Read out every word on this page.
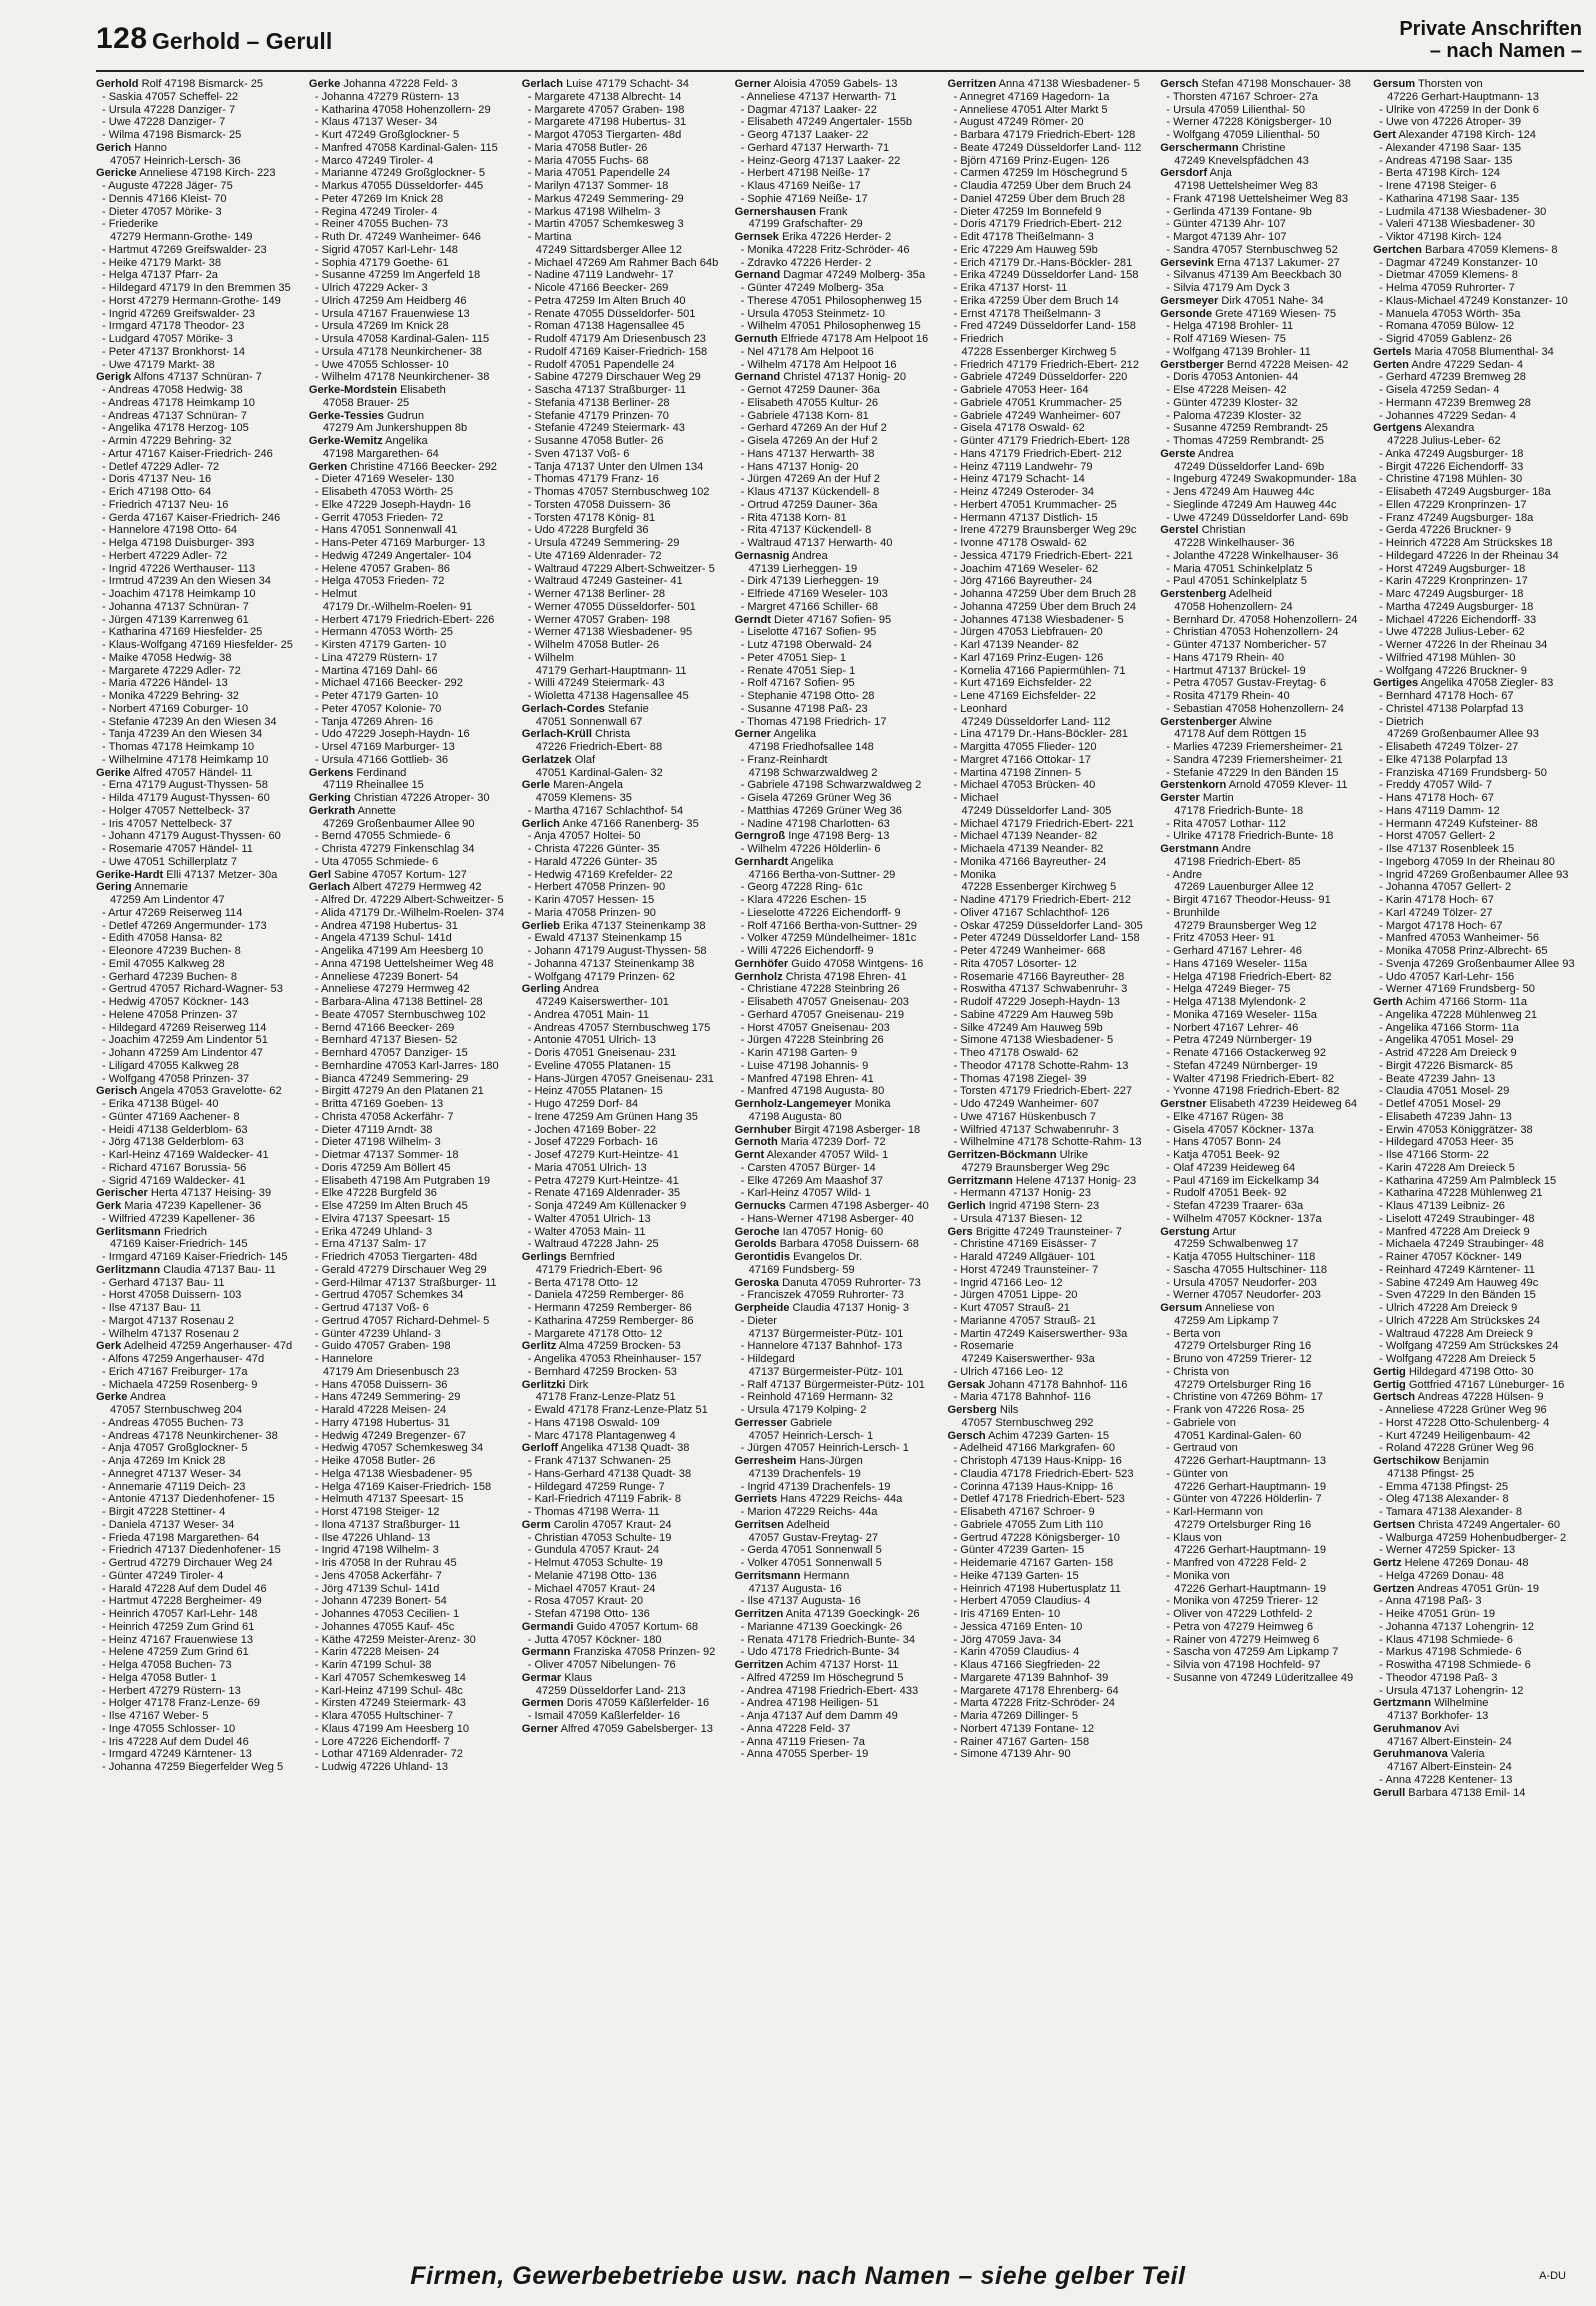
128 Gerhold – Gerull	Private Anschriften
– nach Namen –
Gerhold Rolf 47198 Bismarck- 25
- Saskia 47057 Scheffel- 22
- Ursula 47228 Danziger- 7
- Uwe 47228 Danziger- 7
- Wilma 47198 Bismarck- 25
Gerich Hanno
47057 Heinrich-Lersch- 36
Gericke Anneliese 47198 Kirch- 223
- Auguste 47228 Jäger- 75
- Dennis 47166 Kleist- 70
- Dieter 47057 Mörike- 3
- Friederike
47279 Hermann-Grothe- 149
- Hartmut 47269 Greifswalder- 23
- Heike 47179 Markt- 38
- Helga 47137 Pfarr- 2a
- Hildegard 47179 In den Bremmen 35
- Horst 47279 Hermann-Grothe- 149
- Ingrid 47269 Greifswalder- 23
- Irmgard 47178 Theodor- 23
- Ludgard 47057 Mörike- 3
- Peter 47137 Bronkhorst- 14
- Uwe 47179 Markt- 38
Gerigk Alfons 47137 Schnüran- 7
- Andreas 47058 Hedwig- 38
- Andreas 47178 Heimkamp 10
- Andreas 47137 Schnüran- 7
- Angelika 47178 Herzog- 105
- Armin 47229 Behring- 32
- Artur 47167 Kaiser-Friedrich- 246
- Detlef 47229 Adler- 72
- Doris 47137 Neu- 16
- Erich 47198 Otto- 64
- Friedrich 47137 Neu- 16
- Gerda 47167 Kaiser-Friedrich- 246
- Hannelore 47198 Otto- 64
- Helga 47198 Duisburger- 393
- Herbert 47229 Adler- 72
- Ingrid 47226 Werthauser- 113
- Irmtrud 47239 An den Wiesen 34
- Joachim 47178 Heimkamp 10
- Johanna 47137 Schnüran- 7
- Jürgen 47139 Karrenweg 61
- Katharina 47169 Hiesfelder- 25
- Klaus-Wolfgang 47169 Hiesfelder- 25
- Maike 47058 Hedwig- 38
- Margarete 47229 Adler- 72
- Maria 47226 Händel- 13
- Monika 47229 Behring- 32
- Norbert 47169 Coburger- 10
- Stefanie 47239 An den Wiesen 34
- Tanja 47239 An den Wiesen 34
- Thomas 47178 Heimkamp 10
- Wilhelmine 47178 Heimkamp 10
Gerike Alfred 47057 Händel- 11
- Erna 47179 August-Thyssen- 58
- Hilda 47179 August-Thyssen- 60
- Holger 47057 Nettelbeck- 37
- Iris 47057 Nettelbeck- 37
- Johann 47179 August-Thyssen- 60
- Rosemarie 47057 Händel- 11
- Uwe 47051 Schillerplatz 7
Gerike-Hardt Elli 47137 Metzer- 30a
Gering Annemarie
47259 Am Lindentor 47
- Artur 47269 Reiserweg 114
- Detlef 47269 Angermunder- 173
- Edith 47058 Hansa- 82
- Eleonore 47239 Buchen- 8
- Emil 47055 Kalkweg 28
- Gerhard 47239 Buchen- 8
- Gertrud 47057 Richard-Wagner- 53
- Hedwig 47057 Köckner- 143
- Helene 47058 Prinzen- 37
- Hildegard 47269 Reiserweg 114
- Joachim 47259 Am Lindentor 51
- Johann 47259 Am Lindentor 47
- Liligard 47055 Kalkweg 28
- Wolfgang 47058 Prinzen- 37
Gerisch Angela 47053 Gravelotte- 62
- Erika 47138 Bügel- 40
- Günter 47169 Aachener- 8
- Heidi 47138 Gelderblom- 63
- Jörg 47138 Gelderblom- 63
- Karl-Heinz 47169 Waldecker- 41
- Richard 47167 Borussia- 56
- Sigrid 47169 Waldecker- 41
Gerischer Herta 47137 Heising- 39
Gerk Maria 47239 Kapellener- 36
- Wilfried 47239 Kapellener- 36
Gerlitsmann Friedrich
47169 Kaiser-Friedrich- 145
- Irmgard 47169 Kaiser-Friedrich- 145
Gerlitzmann Claudia 47137 Bau- 11
- Gerhard 47137 Bau- 11
- Horst 47058 Duissern- 103
- Ilse 47137 Bau- 11
- Margot 47137 Rosenau 2
- Wilhelm 47137 Rosenau 2
Gerk Adelheid 47259 Angerhauser- 47d
- Alfons 47259 Angerhauser- 47d
- Erich 47167 Freiburger- 17a
- Michaela 47259 Rosenberg- 9
Gerke Andrea
47057 Sternbuschweg 204
- Andreas 47055 Buchen- 73
- Andreas 47178 Neunkirchener- 38
- Anja 47057 Großglockner- 5
- Anja 47269 Im Knick 28
- Annegret 47137 Weser- 34
- Annemarie 47119 Deich- 23
- Antonie 47137 Diedenhofener- 15
- Birgit 47228 Stettiner- 4
- Daniela 47137 Weser- 34
- Frieda 47198 Margarethen- 64
- Friedrich 47137 Diedenhofener- 15
- Gertrud 47279 Dirchauer Weg 24
- Günter 47249 Tiroler- 4
- Harald 47228 Auf dem Dudel 46
- Hartmut 47228 Bergheimer- 49
- Heinrich 47057 Karl-Lehr- 148
- Heinrich 47259 Zum Grind 61
- Heinz 47167 Frauenwiese 13
- Helene 47259 Zum Grind 61
- Helga 47058 Buchen- 73
- Helga 47058 Butler- 1
- Herbert 47279 Rüstern- 13
- Holger 47178 Franz-Lenze- 69
- Ilse 47167 Weber- 5
- Inge 47055 Schlosser- 10
- Iris 47228 Auf dem Dudel 46
- Irmgard 47249 Kärntener- 13
- Johanna 47259 Biegerfelder Weg 5
Gerke Johanna 47228 Feld- 3
- Johanna 47279 Rüstern- 13
- Katharina 47058 Hohenzollern- 29
- Klaus 47137 Weser- 34
- Kurt 47249 Großglockner- 5
- Manfred 47058 Kardinal-Galen- 115
- Marco 47249 Tiroler- 4
- Marianne 47249 Großglockner- 5
- Markus 47055 Düsseldorfer- 445
- Peter 47269 Im Knick 28
- Regina 47249 Tiroler- 4
- Reiner 47055 Buchen- 73
- Ruth Dr. 47249 Wanheimer- 646
- Sigrid 47057 Karl-Lehr- 148
- Sophia 47179 Goethe- 61
- Susanne 47259 Im Angerfeld 18
- Ulrich 47229 Acker- 3
- Ulrich 47259 Am Heidberg 46
- Ursula 47167 Frauenwiese 13
- Ursula 47269 Im Knick 28
- Ursula 47058 Kardinal-Galen- 115
- Ursula 47178 Neunkirchener- 38
- Uwe 47055 Schlosser- 10
- Wilhelm 47178 Neunkirchener- 38
Gerke-Mordstein Elisabeth
47058 Brauer- 25
Gerke-Tessies Gudrun
47279 Am Junkershuppen 8b
Gerke-Wemitz Angelika
47198 Margarethen- 64
Gerken Christine 47166 Beecker- 292
- Dieter 47169 Weseler- 130
- Elisabeth 47053 Wörth- 25
- Elke 47229 Joseph-Haydn- 16
- Gerrit 47053 Frieden- 72
- Hans 47051 Sonnenwall 41
- Hans-Peter 47169 Marburger- 13
- Hedwig 47249 Angertaler- 104
- Helene 47057 Graben- 86
- Helga 47053 Frieden- 72
- Helmut
47179 Dr.-Wilhelm-Roelen- 91
- Herbert 47179 Friedrich-Ebert- 226
- Hermann 47053 Wörth- 25
- Kirsten 47179 Garten- 10
- Lina 47279 Rüstern- 17
- Martina 47169 Dahl- 66
- Michael 47166 Beecker- 292
- Peter 47179 Garten- 10
- Peter 47057 Kolonie- 70
- Tanja 47269 Ahren- 16
- Udo 47229 Joseph-Haydn- 16
- Ursel 47169 Marburger- 13
- Ursula 47166 Gottlieb- 36
Gerkens Ferdinand
47119 Rheinallee 15
Gerking Christian 47226 Atroper- 30
Gerkrath Annette
47269 Großenbaumer Allee 90
- Bernd 47055 Schmiede- 6
- Christa 47279 Finkenschlag 34
- Uta 47055 Schmiede- 6
Gerl Sabine 47057 Kortum- 127
Gerlach Albert 47279 Hermweg 42
- Alfred Dr. 47229 Albert-Schweitzer- 5
- Alida 47179 Dr.-Wilhelm-Roelen- 374
- Andrea 47198 Hubertus- 31
- Angela 47139 Schul- 141d
- Angelika 47199 Am Heesberg 10
- Anna 47198 Uettelsheimer Weg 48
- Anneliese 47239 Bonert- 54
- Anneliese 47279 Hermweg 42
- Barbara-Alina 47138 Bettinel- 28
- Beate 47057 Sternbuschweg 102
- Bernd 47166 Beecker- 269
- Bernhard 47137 Biesen- 52
- Bernhard 47057 Danziger- 15
- Bernhardine 47053 Karl-Jarres- 180
- Bianca 47249 Semmering- 29
- Birgitt 47279 An den Platanen 21
- Britta 47169 Goeben- 13
- Christa 47058 Ackerfähr- 7
- Dieter 47119 Arndt- 38
- Dieter 47198 Wilhelm- 3
- Dietmar 47137 Sommer- 18
- Doris 47259 Am Böllert 45
- Elisabeth 47198 Am Putgraben 19
- Elke 47228 Burgfeld 36
- Else 47259 Im Alten Bruch 45
- Elvira 47137 Speesart- 15
- Erika 47249 Uhland- 3
- Erna 47137 Salm- 17
- Friedrich 47053 Tiergarten- 48d
- Gerald 47279 Dirschauer Weg 29
- Gerd-Hilmar 47137 Straßburger- 11
- Gertrud 47057 Schemkes 34
- Gertrud 47137 Voß- 6
- Gertrud 47057 Richard-Dehmel- 5
- Günter 47239 Uhland- 3
- Guido 47057 Graben- 198
- Hannelore
47179 Am Driesenbusch 23
- Hans 47058 Duissern- 36
- Hans 47249 Semmering- 29
- Harald 47228 Meisen- 24
- Harry 47198 Hubertus- 31
- Hedwig 47249 Bregenzer- 67
- Hedwig 47057 Schemkesweg 34
- Heike 47058 Butler- 26
- Helga 47138 Wiesbadener- 95
- Helga 47169 Kaiser-Friedrich- 158
- Helmuth 47137 Speesart- 15
- Horst 47198 Steiger- 12
- Ilona 47137 Straßburger- 11
- Ilse 47226 Uhland- 13
- Ingrid 47198 Wilhelm- 3
- Iris 47058 In der Ruhrau 45
- Jens 47058 Ackerfähr- 7
- Jörg 47139 Schul- 141d
- Johann 47239 Bonert- 54
- Johannes 47053 Cecilien- 1
- Johannes 47055 Kauf- 45c
- Käthe 47259 Meister-Arenz- 30
- Karin 47228 Meisen- 24
- Karin 47199 Schul- 38
- Karl 47057 Schemkesweg 14
- Karl-Heinz 47199 Schul- 48c
- Kirsten 47249 Steiermark- 43
- Klara 47055 Hultschiner- 7
- Klaus 47199 Am Heesberg 10
- Lore 47226 Eichendorff- 7
- Lothar 47169 Aldenrader- 72
- Ludwig 47226 Uhland- 13
Gerlach Luise 47179 Schacht- 34
- Margarete 47138 Albrecht- 14
- Margarete 47057 Graben- 198
- Margarete 47198 Hubertus- 31
- Margot 47053 Tiergarten- 48d
- Maria 47058 Butler- 26
- Maria 47055 Fuchs- 68
- Maria 47051 Papendelle 24
- Marilyn 47137 Sommer- 18
- Markus 47249 Semmering- 29
- Markus 47198 Wilhelm- 3
- Martin 47057 Schemkesweg 3
- Martina
47249 Sittardsberger Allee 12
- Michael 47269 Am Rahmer Bach 64b
- Nadine 47119 Landwehr- 17
- Nicole 47166 Beecker- 269
- Petra 47259 Im Alten Bruch 40
- Renate 47055 Düsseldorfer- 501
- Roman 47138 Hagensallee 45
- Rudolf 47179 Am Driesenbusch 23
- Rudolf 47169 Kaiser-Friedrich- 158
- Rudolf 47051 Papendelle 24
- Sabine 47279 Dirschauer Weg 29
- Sascha 47137 Straßburger- 11
- Stefania 47138 Berliner- 28
- Stefanie 47179 Prinzen- 70
- Stefanie 47249 Steiermark- 43
- Susanne 47058 Butler- 26
- Sven 47137 Voß- 6
- Tanja 47137 Unter den Ulmen 134
- Thomas 47179 Franz- 16
- Thomas 47057 Sternbuschweg 102
- Torsten 47058 Duissern- 36
- Torsten 47178 König- 81
- Udo 47228 Burgfeld 36
- Ursula 47249 Semmering- 29
- Ute 47169 Aldenrader- 72
- Waltraud 47229 Albert-Schweitzer- 5
- Waltraud 47249 Gasteiner- 41
- Werner 47138 Berliner- 28
- Werner 47055 Düsseldorfer- 501
- Werner 47057 Graben- 198
- Werner 47138 Wiesbadener- 95
- Wilhelm 47058 Butler- 26
- Wilhelm
47179 Gerhart-Hauptmann- 11
- Willi 47249 Steiermark- 43
- Wioletta 47138 Hagensallee 45
Gerlach-Cordes Stefanie
47051 Sonnenwall 67
Gerlach-Krüll Christa
47226 Friedrich-Ebert- 88
Gerlatzek Olaf
47051 Kardinal-Galen- 32
Gerle Maren-Angela
47059 Klemens- 35
- Martha 47167 Schlachthof- 54
Gerlich Anke 47166 Ranenberg- 35
- Anja 47057 Holtei- 50
- Christa 47226 Günter- 35
- Harald 47226 Günter- 35
- Hedwig 47169 Krefelder- 22
- Herbert 47058 Prinzen- 90
- Karin 47057 Hessen- 15
- Maria 47058 Prinzen- 90
Gerlieb Erika 47137 Steinenkamp 38
- Ewald 47137 Steinenkamp 15
- Johann 47179 August-Thyssen- 58
- Johanna 47137 Steinenkamp 38
- Wolfgang 47179 Prinzen- 62
Gerling Andrea
47249 Kaiserswerther- 101
- Andrea 47051 Main- 11
- Andreas 47057 Sternbuschweg 175
- Antonie 47051 Ulrich- 13
- Doris 47051 Gneisenau- 231
- Eveline 47055 Platanen- 15
- Hans-Jürgen 47057 Gneisenau- 231
- Heinz 47055 Platanen- 15
- Hugo 47259 Dorf- 84
- Irene 47259 Am Grünen Hang 35
- Jochen 47169 Bober- 22
- Josef 47229 Forbach- 16
- Josef 47279 Kurt-Heintze- 41
- Maria 47051 Ulrich- 13
- Petra 47279 Kurt-Heintze- 41
- Renate 47169 Aldenrader- 35
- Sonja 47249 Am Küllenacker 9
- Walter 47051 Ulrich- 13
- Walter 47053 Main- 11
- Waltraud 47228 Jahn- 25
Gerlings Bernfried
47179 Friedrich-Ebert- 96
- Berta 47178 Otto- 12
- Daniela 47259 Remberger- 86
- Hermann 47259 Remberger- 86
- Katharina 47259 Remberger- 86
- Margarete 47178 Otto- 12
Gerlitz Alma 47259 Brocken- 53
- Angelika 47053 Rheinhauser- 157
- Bernhard 47259 Brocken- 53
Gerlitzki Dirk
47178 Franz-Lenze-Platz 51
- Ewald 47178 Franz-Lenze-Platz 51
- Hans 47198 Oswald- 109
- Marc 47178 Plantagenweg 4
Gerloff Angelika 47138 Quadt- 38
- Frank 47137 Schwanen- 25
- Hans-Gerhard 47138 Quadt- 38
- Hildegard 47259 Runge- 7
- Karl-Friedrich 47119 Fabrik- 8
- Thomas 47198 Werra- 11
Germ Carolin 47057 Kraut- 24
- Christian 47053 Schulte- 19
- Gundula 47057 Kraut- 24
- Helmut 47053 Schulte- 19
- Melanie 47198 Otto- 136
- Michael 47057 Kraut- 24
- Rosa 47057 Kraut- 20
- Stefan 47198 Otto- 136
Germandi Guido 47057 Kortum- 68
- Jutta 47057 Köckner- 180
Germann Franziska 47058 Prinzen- 92
- Oliver 47057 Nibelungen- 76
Germar Klaus
47259 Düsseldorfer Land- 213
Germen Doris 47059 Käßlerfelder- 16
- Ismail 47059 Kaßlerfelder- 16
Gerner Alfred 47059 Gabelsberger- 13
Gerner Aloisia 47059 Gabels- 13
- Anneliese 47137 Herwarth- 71
- Dagmar 47137 Laaker- 22
- Elisabeth 47249 Angertaler- 155b
- Georg 47137 Laaker- 22
- Gerhard 47137 Herwarth- 71
- Heinz-Georg 47137 Laaker- 22
- Herbert 47198 Neiße- 17
- Klaus 47169 Neiße- 17
- Sophie 47169 Neiße- 17
Gernershausen Frank
47199 Grafschafter- 29
Gernsek Erika 47226 Herder- 2
- Monika 47228 Fritz-Schröder- 46
- Zdravko 47226 Herder- 2
Gernand Dagmar 47249 Molberg- 35a
- Günter 47249 Molberg- 35a
- Therese 47051 Philosophenweg 15
- Ursula 47053 Steinmetz- 10
- Wilhelm 47051 Philosophenweg 15
Gernuth Elfriede 47178 Am Helpoot 16
- Nel 47178 Am Helpoot 16
- Wilhelm 47178 Am Helpoot 16
Gernand Christel 47137 Honig- 20
- Gernot 47259 Dauner- 36a
- Elisabeth 47055 Kultur- 26
- Gabriele 47138 Korn- 81
- Gerhard 47269 An der Huf 2
- Gisela 47269 An der Huf 2
- Hans 47137 Herwarth- 38
- Hans 47137 Honig- 20
- Jürgen 47269 An der Huf 2
- Klaus 47137 Kückendell- 8
- Ortrud 47259 Dauner- 36a
- Rita 47138 Korn- 81
- Rita 47137 Kückendell- 8
- Waltraud 47137 Herwarth- 40
Gernasnig Andrea
47139 Lierheggen- 19
- Dirk 47139 Lierheggen- 19
- Elfriede 47169 Weseler- 103
- Margret 47166 Schiller- 68
Gerndt Dieter 47167 Sofien- 95
- Liselotte 47167 Sofien- 95
- Lutz 47198 Oberwald- 24
- Peter 47051 Siep- 1
- Renate 47051 Siep- 1
- Rolf 47167 Sofien- 95
- Stephanie 47198 Otto- 28
- Susanne 47198 Paß- 23
- Thomas 47198 Friedrich- 17
Gerner Angelika
47198 Friedhofsallee 148
- Franz-Reinhardt
47198 Schwarzwaldweg 2
- Gabriele 47198 Schwarzwaldweg 2
- Gisela 47269 Grüner Weg 36
- Matthias 47269 Grüner Weg 36
- Nadine 47198 Charlotten- 63
Gerngroß Inge 47198 Berg- 13
- Wilhelm 47226 Hölderlin- 6
Gernhardt Angelika
47166 Bertha-von-Suttner- 29
- Georg 47228 Ring- 61c
- Klara 47226 Eschen- 15
- Lieselotte 47226 Eichendorff- 9
- Rolf 47166 Bertha-von-Suttner- 29
- Volker 47259 Mündelheimer- 181c
- Willi 47226 Eichendorff- 9
Gernhöfer Guido 47058 Wintgens- 16
Gernholz Christa 47198 Ehren- 41
- Christiane 47228 Steinbring 26
- Elisabeth 47057 Gneisenau- 203
- Gerhard 47057 Gneisenau- 219
- Horst 47057 Gneisenau- 203
- Jürgen 47228 Steinbring 26
- Karin 47198 Garten- 9
- Luise 47198 Johannis- 9
- Manfred 47198 Ehren- 41
- Manfred 47198 Augusta- 80
Gernholz-Langemeyer Monika
47198 Augusta- 80
Gernhuber Birgit 47198 Asberger- 18
Gernoth Maria 47239 Dorf- 72
Gernt Alexander 47057 Wild- 1
- Carsten 47057 Bürger- 14
- Elke 47269 Am Maashof 37
- Karl-Heinz 47057 Wild- 1
Gernucks Carmen 47198 Asberger- 40
- Hans-Werner 47198 Asberger- 40
Geroche Ian 47057 Honig- 60
Gerolds Barbara 47058 Duissern- 68
Gerontidis Evangelos Dr.
47169 Fundsberg- 59
Geroska Danuta 47059 Ruhrorter- 73
- Franciszek 47059 Ruhrorter- 73
Gerpheide Claudia 47137 Honig- 3
- Dieter
47137 Bürgermeister-Pütz- 101
- Hannelore 47137 Bahnhof- 173
- Hildegard
47137 Bürgermeister-Pütz- 101
- Ralf 47137 Bürgermeister-Pütz- 101
- Reinhold 47169 Hermann- 32
- Ursula 47179 Kolping- 2
Gerresser Gabriele
47057 Heinrich-Lersch- 1
- Jürgen 47057 Heinrich-Lersch- 1
Gerresheim Hans-Jürgen
47139 Drachenfels- 19
- Ingrid 47139 Drachenfels- 19
Gerriets Hans 47229 Reichs- 44a
- Marion 47229 Reichs- 44a
Gerritsen Adelheid
47057 Gustav-Freytag- 27
- Gerda 47051 Sonnenwall 5
- Volker 47051 Sonnenwall 5
Gerritsmann Hermann
47137 Augusta- 16
- Ilse 47137 Augusta- 16
Gerritzen Anita 47139 Goeckingk- 26
- Marianne 47139 Goeckingk- 26
- Renata 47178 Friedrich-Bunte- 34
- Udo 47178 Friedrich-Bunte- 34
Gerritzen Achim 47137 Horst- 11
- Alfred 47259 Im Höschegrund 5
- Andrea 47198 Friedrich-Ebert- 433
- Andrea 47198 Heiligen- 51
- Anja 47137 Auf dem Damm 49
- Anna 47228 Feld- 37
- Anna 47119 Friesen- 7a
- Anna 47055 Sperber- 19
Gerritzen Anna 47138 Wiesbadener- 5
- Annegret 47169 Hagedorn- 1a
- Anneliese 47051 Alter Markt 5
- August 47249 Römer- 20
- Barbara 47179 Friedrich-Ebert- 128
- Beate 47249 Düsseldorfer Land- 112
- Björn 47169 Prinz-Eugen- 126
- Carmen 47259 Im Höschegrund 5
- Claudia 47259 Über dem Bruch 24
- Daniel 47259 Über dem Bruch 28
- Dieter 47259 Im Bonnefeld 9
- Doris 47179 Friedrich-Ebert- 212
- Edit 47178 Theißelmann- 3
- Eric 47229 Am Hauweg 59b
- Erich 47179 Dr.-Hans-Böckler- 281
- Erika 47249 Düsseldorfer Land- 158
- Erika 47137 Horst- 11
- Erika 47259 Über dem Bruch 14
- Ernst 47178 Theißelmann- 3
- Fred 47249 Düsseldorfer Land- 158
- Friedrich
47228 Essenberger Kirchweg 5
- Friedrich 47179 Friedrich-Ebert- 212
- Gabriele 47249 Düsseldorfer- 220
- Gabriele 47053 Heer- 164
- Gabriele 47051 Krummacher- 25
- Gabriele 47249 Wanheimer- 607
- Gisela 47178 Oswald- 62
- Günter 47179 Friedrich-Ebert- 128
- Hans 47179 Friedrich-Ebert- 212
- Heinz 47119 Landwehr- 79
- Heinz 47179 Schacht- 14
- Heinz 47249 Osteroder- 34
- Herbert 47051 Krummacher- 25
- Hermann 47137 Distlich- 15
- Irene 47279 Braunsberger Weg 29c
- Ivonne 47178 Oswald- 62
- Jessica 47179 Friedrich-Ebert- 221
- Joachim 47169 Weseler- 62
- Jörg 47166 Bayreuther- 24
- Johanna 47259 Über dem Bruch 28
- Johanna 47259 Über dem Bruch 24
- Johannes 47138 Wiesbadener- 5
- Jürgen 47053 Liebfrauen- 20
- Karl 47139 Neander- 82
- Karl 47169 Prinz-Eugen- 126
- Kornelia 47166 Papiermühlen- 71
- Kurt 47169 Eichsfelder- 22
- Lene 47169 Eichsfelder- 22
- Leonhard
47249 Düsseldorfer Land- 112
- Lina 47179 Dr.-Hans-Böckler- 281
- Margitta 47055 Flieder- 120
- Margret 47166 Ottokar- 17
- Martina 47198 Zinnen- 5
- Michael 47053 Brücken- 40
- Michael
47249 Düsseldorfer Land- 305
- Michael 47179 Friedrich-Ebert- 221
- Michael 47139 Neander- 82
- Michaela 47139 Neander- 82
- Monika 47166 Bayreuther- 24
- Monika
47228 Essenberger Kirchweg 5
- Nadine 47179 Friedrich-Ebert- 212
- Oliver 47167 Schlachthof- 126
- Oskar 47259 Düsseldorfer Land- 305
- Peter 47249 Düsseldorfer Land- 158
- Peter 47249 Wanheimer- 668
- Rita 47057 Lösorter- 12
- Rosemarie 47166 Bayreuther- 28
- Roswitha 47137 Schwabenruhr- 3
- Rudolf 47229 Joseph-Haydn- 13
- Sabine 47229 Am Hauweg 59b
- Silke 47249 Am Hauweg 59b
- Simone 47138 Wiesbadener- 5
- Theo 47178 Oswald- 62
- Theodor 47178 Schotte-Rahm- 13
- Thomas 47198 Ziegel- 39
- Torsten 47179 Friedrich-Ebert- 227
- Udo 47249 Wanheimer- 607
- Uwe 47167 Hüskenbusch 7
- Wilfried 47137 Schwabenruhr- 3
- Wilhelmine 47178 Schotte-Rahm- 13
Gerritzen-Böckmann Ulrike
47279 Braunsberger Weg 29c
Gerritzmann Helene 47137 Honig- 23
- Hermann 47137 Honig- 23
Gerlich Ingrid 47198 Stern- 23
- Ursula 47137 Biesen- 12
Gers Brigitte 47249 Traunsteiner- 7
- Christine 47169 Eisässer- 7
- Harald 47249 Allgäuer- 101
- Horst 47249 Traunsteiner- 7
- Ingrid 47166 Leo- 12
- Jürgen 47051 Lippe- 20
- Kurt 47057 Strauß- 21
- Marianne 47057 Strauß- 21
- Martin 47249 Kaiserswerther- 93a
- Rosemarie
47249 Kaiserswerther- 93a
- Ulrich 47166 Leo- 12
Gersak Johann 47178 Bahnhof- 116
- Maria 47178 Bahnhof- 116
Gersberg Nils
47057 Sternbuschweg 292
Gersch Achim 47239 Garten- 15
- Adelheid 47166 Markgrafen- 60
- Christoph 47139 Haus-Knipp- 16
- Claudia 47178 Friedrich-Ebert- 523
- Corinna 47139 Haus-Knipp- 16
- Detlef 47178 Friedrich-Ebert- 523
- Elisabeth 47167 Schroer- 9
- Gabriele 47055 Zum Lith 110
- Gertrud 47228 Königsberger- 10
- Günter 47239 Garten- 15
- Heidemarie 47167 Garten- 158
- Heike 47139 Garten- 15
- Heinrich 47198 Hubertusplatz 11
- Herbert 47059 Claudius- 4
- Iris 47169 Enten- 10
- Jessica 47169 Enten- 10
- Jörg 47059 Java- 34
- Karin 47059 Claudius- 4
- Klaus 47166 Siegfrieden- 22
- Margarete 47139 Bahnhof- 39
- Margarete 47178 Ehrenberg- 64
- Marta 47228 Fritz-Schröder- 24
- Maria 47269 Dillinger- 5
- Norbert 47139 Fontane- 12
- Rainer 47167 Garten- 158
- Simone 47139 Ahr- 90
Gersch Stefan 47198 Monschauer- 38
- Thorsten 47167 Schroer- 27a
- Ursula 47059 Lilienthal- 50
- Werner 47228 Königsberger- 10
- Wolfgang 47059 Lilienthal- 50
Gerschermann Christine
47249 Knevelspfädchen 43
Gersdorf Anja
47198 Uettelsheimer Weg 83
- Frank 47198 Uettelsheimer Weg 83
- Gerlinda 47139 Fontane- 9b
- Günter 47139 Ahr- 107
- Margot 47139 Ahr- 107
- Sandra 47057 Sternbuschweg 52
Gersevink Erna 47137 Lakumer- 27
- Silvanus 47139 Am Beeckbach 30
- Silvia 47179 Am Dyck 3
Gersmeyer Dirk 47051 Nahe- 34
Gersonde Grete 47169 Wiesen- 75
- Helga 47198 Brohler- 11
- Rolf 47169 Wiesen- 75
- Wolfgang 47139 Brohler- 11
Gerstberger Bernd 47228 Meisen- 42
- Doris 47053 Antonien- 44
- Else 47228 Meisen- 42
- Günter 47239 Kloster- 32
- Paloma 47239 Kloster- 32
- Susanne 47259 Rembrandt- 25
- Thomas 47259 Rembrandt- 25
Gerste Andrea
47249 Düsseldorfer Land- 69b
- Ingeburg 47249 Swakopmunder- 18a
- Jens 47249 Am Hauweg 44c
- Sieglinde 47249 Am Hauweg 44c
- Uwe 47249 Düsseldorfer Land- 69b
Gerstel Christian
47228 Winkelhauser- 36
- Jolanthe 47228 Winkelhauser- 36
- Maria 47051 Schinkelplatz 5
- Paul 47051 Schinkelplatz 5
Gerstenberg Adelheid
47058 Hohenzollern- 24
- Bernhard Dr. 47058 Hohenzollern- 24
- Christian 47053 Hohenzollern- 24
- Günter 47137 Nombericher- 57
- Hans 47179 Rhein- 40
- Hartmut 47137 Brückel- 19
- Petra 47057 Gustav-Freytag- 6
- Rosita 47179 Rhein- 40
- Sebastian 47058 Hohenzollern- 24
Gerstenberger Alwine
47178 Auf dem Röttgen 15
- Marlies 47239 Friemersheimer- 21
- Sandra 47239 Friemersheimer- 21
- Stefanie 47229 In den Bänden 15
Gerstenkorn Arnold 47059 Klever- 11
Gerster Martin
47178 Friedrich-Bunte- 18
- Rita 47057 Lothar- 112
- Ulrike 47178 Friedrich-Bunte- 18
Gerstmann Andre
47198 Friedrich-Ebert- 85
- Andre
47269 Lauenburger Allee 12
- Birgit 47167 Theodor-Heuss- 91
- Brunhilde
47279 Braunsberger Weg 12
- Fritz 47053 Heer- 91
- Gerhard 47167 Lehrer- 46
- Hans 47169 Weseler- 115a
- Helga 47198 Friedrich-Ebert- 82
- Helga 47249 Bieger- 75
- Helga 47138 Mylendonk- 2
- Monika 47169 Weseler- 115a
- Norbert 47167 Lehrer- 46
- Petra 47249 Nürnberger- 19
- Renate 47166 Ostackerweg 92
- Stefan 47249 Nürnberger- 19
- Walter 47198 Friedrich-Ebert- 82
- Yvonne 47198 Friedrich-Ebert- 82
Gerstner Elisabeth 47239 Heideweg 64
- Elke 47167 Rügen- 38
- Gisela 47057 Köckner- 137a
- Hans 47057 Bonn- 24
- Katja 47051 Beek- 92
- Olaf 47239 Heideweg 64
- Paul 47169 im Eickelkamp 34
- Rudolf 47051 Beek- 92
- Stefan 47239 Traarer- 63a
- Wilhelm 47057 Köckner- 137a
Gerstung Artur
47259 Schwalbenweg 17
- Katja 47055 Hultschiner- 118
- Sascha 47055 Hultschiner- 118
- Ursula 47057 Neudorfer- 203
- Werner 47057 Neudorfer- 203
Gersum Anneliese von
47259 Am Lipkamp 7
- Berta von
47279 Ortelsburger Ring 16
- Bruno von 47259 Trierer- 12
- Christa von
47279 Ortelsburger Ring 16
- Christine von 47269 Böhm- 17
- Frank von 47226 Rosa- 25
- Gabriele von
47051 Kardinal-Galen- 60
- Gertraud von
47226 Gerhart-Hauptmann- 13
- Günter von
47226 Gerhart-Hauptmann- 19
- Günter von 47226 Hölderlin- 7
- Karl-Hermann von
47279 Ortelsburger Ring 16
- Klaus von
47226 Gerhart-Hauptmann- 19
- Manfred von 47228 Feld- 2
- Monika von
47226 Gerhart-Hauptmann- 19
- Monika von 47259 Trierer- 12
- Oliver von 47229 Lothfeld- 2
- Petra von 47279 Heimweg 6
- Rainer von 47279 Heimweg 6
- Sascha von 47259 Am Lipkamp 7
- Silvia von 47198 Hochfeld- 97
- Susanne von 47249 Lüderitzallee 49
Gersum Thorsten von
47226 Gerhart-Hauptmann- 13
- Ulrike von 47259 In der Donk 6
- Uwe von 47226 Atroper- 39
Gert Alexander 47198 Kirch- 124
- Alexander 47198 Saar- 135
- Andreas 47198 Saar- 135
- Berta 47198 Kirch- 124
- Irene 47198 Steiger- 6
- Katharina 47198 Saar- 135
- Ludmila 47138 Wiesbadener- 30
- Valeri 47138 Wiesbadener- 30
- Viktor 47198 Kirch- 124
Gertchen Barbara 47059 Klemens- 8
- Dagmar 47249 Konstanzer- 10
- Dietmar 47059 Klemens- 8
- Helma 47059 Ruhrorter- 7
- Klaus-Michael 47249 Konstanzer- 10
- Manuela 47053 Wörth- 35a
- Romana 47059 Bülow- 12
- Sigrid 47059 Gablenz- 26
Gertels Maria 47058 Blumenthal- 34
Gerten Andre 47229 Sedan- 4
- Gerhard 47239 Bremweg 28
- Gisela 47259 Sedan- 4
- Hermann 47239 Bremweg 28
- Johannes 47229 Sedan- 4
Gertgens Alexandra
47228 Julius-Leber- 62
- Anka 47249 Augsburger- 18
- Birgit 47226 Eichendorff- 33
- Christine 47198 Mühlen- 30
- Elisabeth 47249 Augsburger- 18a
- Ellen 47229 Kronprinzen- 17
- Franz 47249 Augsburger- 18a
- Gerda 47226 Bruckner- 9
- Heinrich 47228 Am Strückskes 18
- Hildegard 47226 In der Rheinau 34
- Horst 47249 Augsburger- 18
- Karin 47229 Kronprinzen- 17
- Marc 47249 Augsburger- 18
- Martha 47249 Augsburger- 18
- Michael 47226 Eichendorff- 33
- Uwe 47228 Julius-Leber- 62
- Werner 47226 In der Rheinau 34
- Wilfried 47198 Mühlen- 30
- Wolfgang 47226 Bruckner- 9
Gertiges Angelika 47058 Ziegler- 83
- Bernhard 47178 Hoch- 67
- Christel 47138 Polarpfad 13
- Dietrich
47269 Großenbaumer Allee 93
- Elisabeth 47249 Tölzer- 27
- Elke 47138 Polarpfad 13
- Franziska 47169 Frundsberg- 50
- Freddy 47057 Wild- 7
- Hans 47178 Hoch- 67
- Hans 47119 Damm- 12
- Hermann 47249 Kufsteiner- 88
- Horst 47057 Gellert- 2
- Ilse 47137 Rosenbleek 15
- Ingeborg 47059 In der Rheinau 80
- Ingrid 47269 Großenbaumer Allee 93
- Johanna 47057 Gellert- 2
- Karin 47178 Hoch- 67
- Karl 47249 Tölzer- 27
- Margot 47178 Hoch- 67
- Manfred 47053 Wanheimer- 56
- Monika 47058 Prinz-Albrecht- 65
- Svenja 47269 Großenbaumer Allee 93
- Udo 47057 Karl-Lehr- 156
- Werner 47169 Frundsberg- 50
Gerth Achim 47166 Storm- 11a
- Angelika 47228 Mühlenweg 21
- Angelika 47166 Storm- 11a
- Angelika 47051 Mosel- 29
- Astrid 47228 Am Dreieck 9
- Birgit 47226 Bismarck- 85
- Beate 47239 Jahn- 13
- Claudia 47051 Mosel- 29
- Detlef 47051 Mosel- 29
- Elisabeth 47239 Jahn- 13
- Erwin 47053 Königgrätzer- 38
- Hildegard 47053 Heer- 35
- Ilse 47166 Storm- 22
- Karin 47228 Am Dreieck 5
- Katharina 47259 Am Palmbleck 15
- Katharina 47228 Mühlenweg 21
- Klaus 47139 Leibniz- 26
- Liselott 47249 Straubinger- 48
- Manfred 47228 Am Dreieck 9
- Michaela 47249 Straubinger- 48
- Rainer 47057 Köckner- 149
- Reinhard 47249 Kärntener- 11
- Sabine 47249 Am Hauweg 49c
- Sven 47229 In den Bänden 15
- Ulrich 47228 Am Dreieck 9
- Ulrich 47228 Am Strückskes 24
- Waltraud 47228 Am Dreieck 9
- Wolfgang 47259 Am Strückskes 24
- Wolfgang 47228 Am Dreieck 5
Gertig Hildegard 47198 Otto- 30
Gertig Gottfried 47167 Lüneburger- 16
Gertsch Andreas 47228 Hülsen- 9
- Anneliese 47228 Grüner Weg 96
- Horst 47228 Otto-Schulenberg- 4
- Kurt 47249 Heiligenbaum- 42
- Roland 47228 Grüner Weg 96
Gertschikow Benjamin
47138 Pfingst- 25
- Emma 47138 Pfingst- 25
- Oleg 47138 Alexander- 8
- Tamara 47138 Alexander- 8
Gertsen Christa 47249 Angertaler- 60
- Walburga 47259 Hohenbudberger- 2
- Werner 47259 Spicker- 13
Gertz Helene 47269 Donau- 48
- Helga 47269 Donau- 48
Gertzen Andreas 47051 Grün- 19
- Anna 47198 Paß- 3
- Heike 47051 Grün- 19
- Johanna 47137 Lohengrin- 12
- Klaus 47198 Schmiede- 6
- Markus 47198 Schmiede- 6
- Roswitha 47198 Schmiede- 6
- Theodor 47198 Paß- 3
- Ursula 47137 Lohengrin- 12
Gertzmann Wilhelmine
47137 Borkhofer- 13
Geruhmanov Avi
47167 Albert-Einstein- 24
Geruhmanova Valeria
47167 Albert-Einstein- 24
- Anna 47228 Kentener- 13
Gerull Barbara 47138 Emil- 14
Firmen, Gewerbebetriebe usw. nach Namen – siehe gelber Teil	A-DU
